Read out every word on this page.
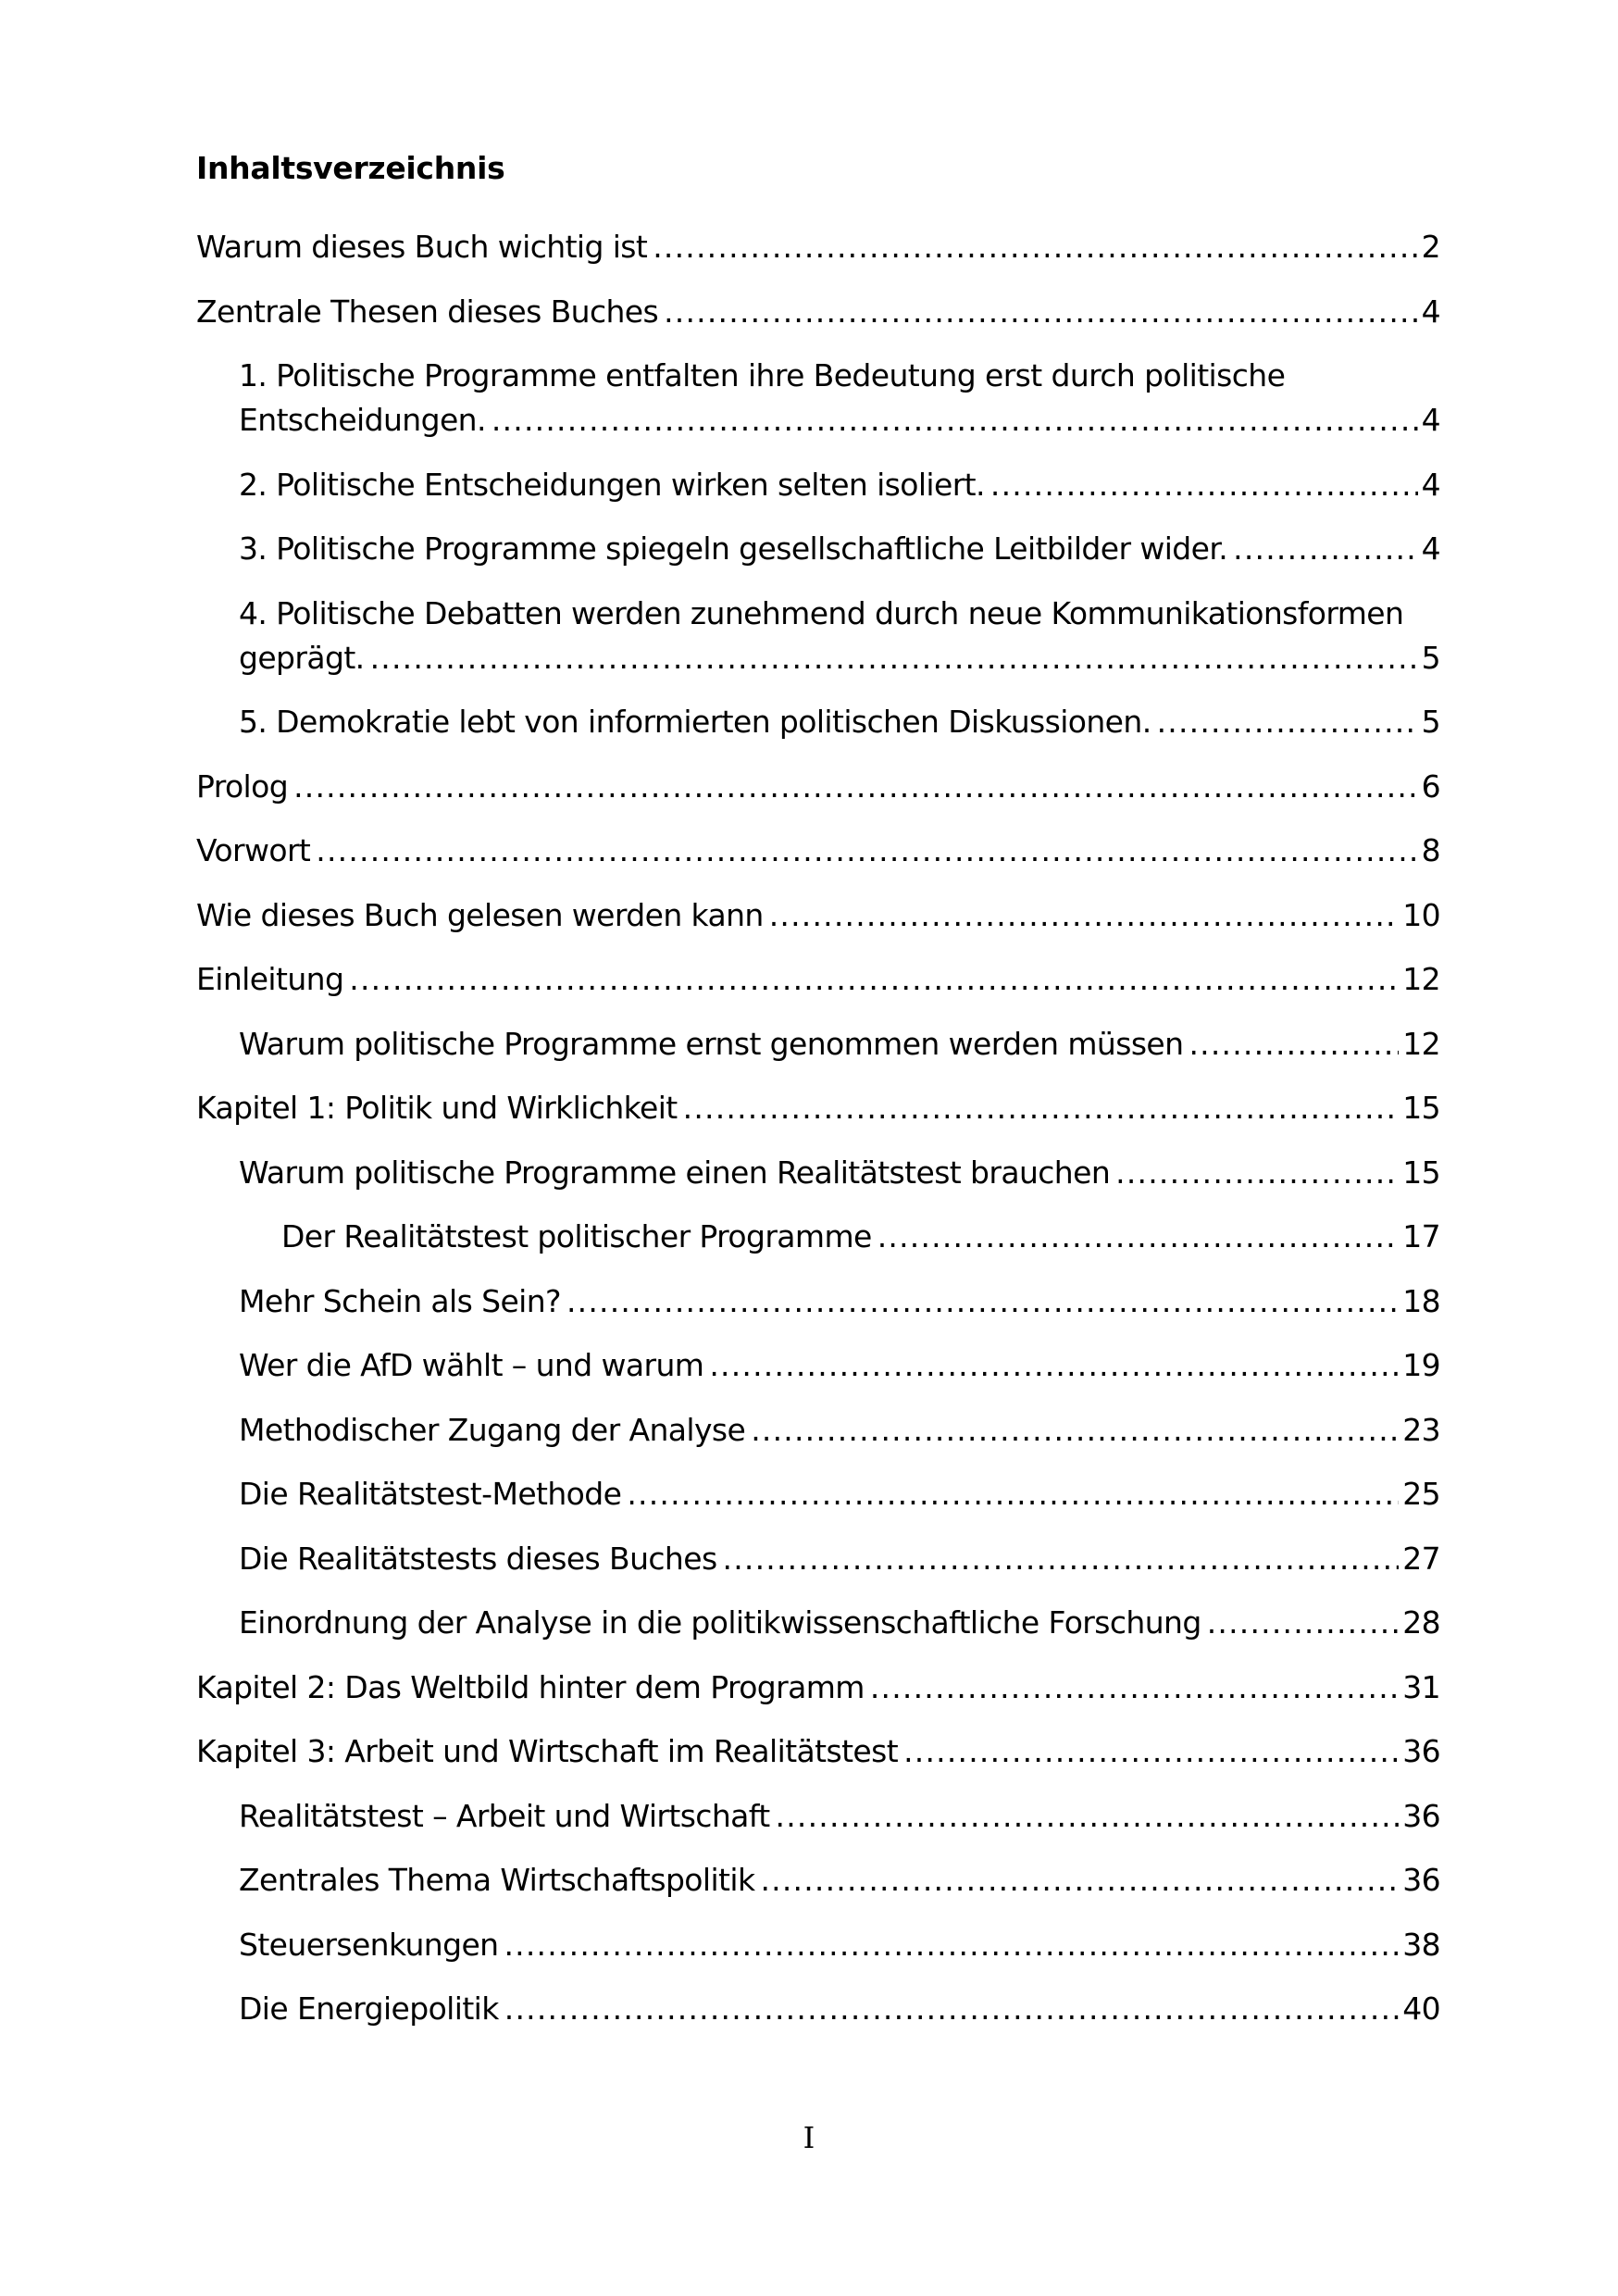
Inhaltsverzeichnis
Warum dieses Buch wichtig ist .....	2
Zentrale Thesen dieses Buches .....	4
1. Politische Programme entfalten ihre Bedeutung erst durch politische
Entscheidungen. .....	4
2. Politische Entscheidungen wirken selten isoliert. .....	4
3. Politische Programme spiegeln gesellschaftliche Leitbilder wider. .....	4
4. Politische Debatten werden zunehmend durch neue Kommunikationsformen
geprägt. .....	5
5. Demokratie lebt von informierten politischen Diskussionen. .....	5
Prolog .....	6
Vorwort .....	8
Wie dieses Buch gelesen werden kann .....	10
Einleitung .....	12
Warum politische Programme ernst genommen werden müssen .....	12
Kapitel 1: Politik und Wirklichkeit .....	15
Warum politische Programme einen Realitätstest brauchen .....	15
Der Realitätstest politischer Programme .....	17
Mehr Schein als Sein? .....	18
Wer die AfD wählt – und warum .....	19
Methodischer Zugang der Analyse .....	23
Die Realitätstest-Methode .....	25
Die Realitätstests dieses Buches .....	27
Einordnung der Analyse in die politikwissenschaftliche Forschung .....	28
Kapitel 2: Das Weltbild hinter dem Programm .....	31
Kapitel 3: Arbeit und Wirtschaft im Realitätstest .....	36
Realitätstest – Arbeit und Wirtschaft .....	36
Zentrales Thema Wirtschaftspolitik .....	36
Steuersenkungen .....	38
Die Energiepolitik .....	40
I
